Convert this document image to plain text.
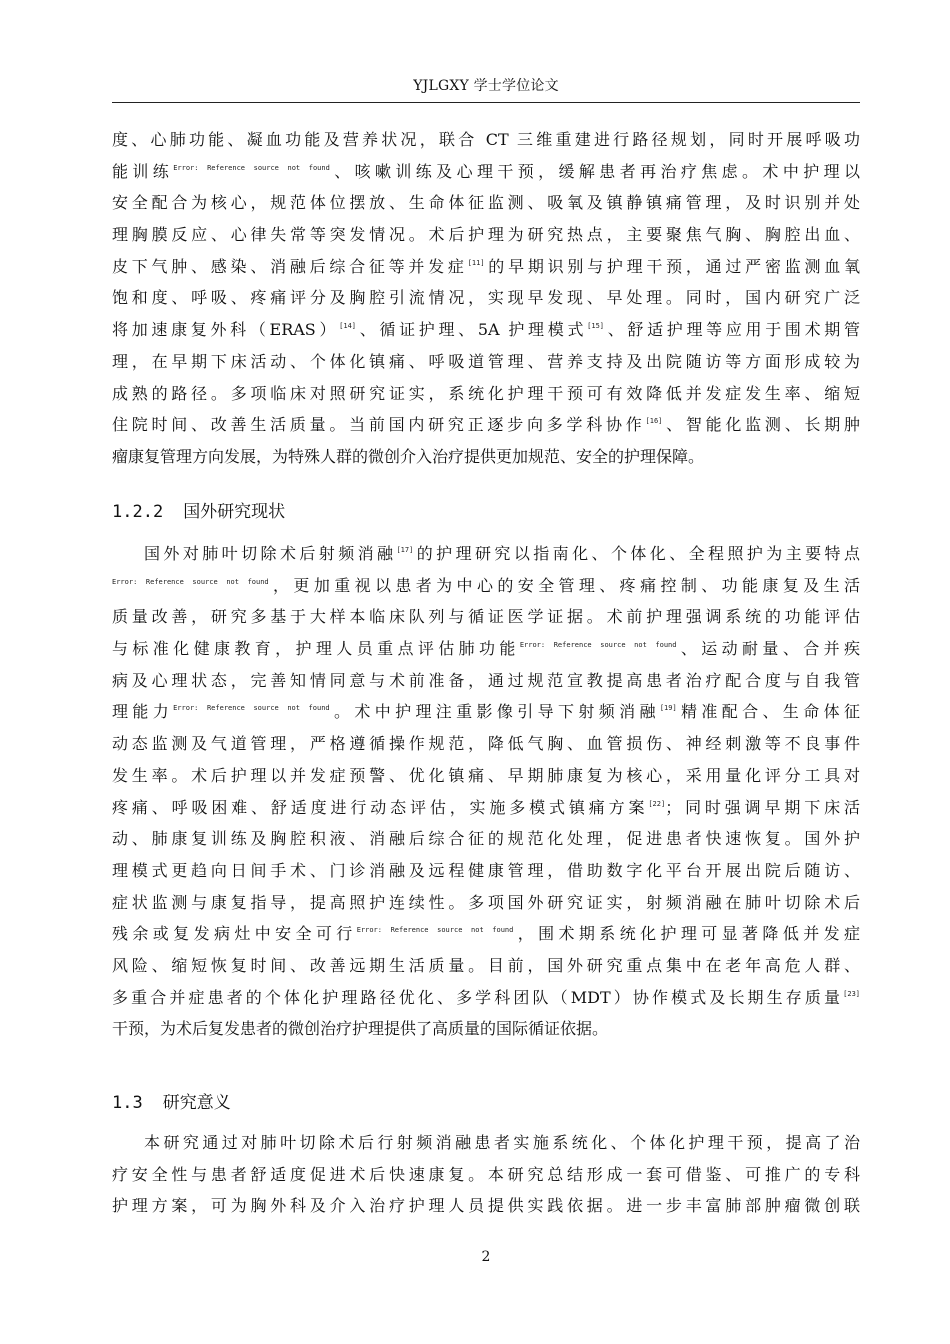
YJLGXY 学士学位论文
度、心肺功能、凝血功能及营养状况，联合 CT 三维重建进行路径规划，同时开展呼吸功
能训练$^{Error: Reference source not found}$、咳嗽训练及心理干预，缓解患者再治疗焦虑。术中护理以
安全配合为核心，规范体位摆放、生命体征监测、吸氧及镇静镇痛管理，及时识别并处
理胸膜反应、心律失常等突发情况。术后护理为研究热点，主要聚焦气胸、胸腔出血、
皮下气肿、感染、消融后综合征等并发症[11]的早期识别与护理干预，通过严密监测血氧
饱和度、呼吸、疼痛评分及胸腔引流情况，实现早发现、早处理。同时，国内研究广泛
将加速康复外科（ERAS）[14]、循证护理、5A 护理模式[15]、舒适护理等应用于围术期管
理，在早期下床活动、个体化镇痛、呼吸道管理、营养支持及出院随访等方面形成较为
成熟的路径。多项临床对照研究证实，系统化护理干预可有效降低并发症发生率、缩短
住院时间、改善生活质量。当前国内研究正逐步向多学科协作[16]、智能化监测、长期肿
瘤康复管理方向发展，为特殊人群的微创介入治疗提供更加规范、安全的护理保障。
1.2.2 国外研究现状
国外对肺叶切除术后射频消融[17]的护理研究以指南化、个体化、全程照护为主要特点
$^{Error: Reference source not found}$，更加重视以患者为中心的安全管理、疼痛控制、功能康复及生活
质量改善，研究多基于大样本临床队列与循证医学证据。术前护理强调系统的功能评估
与标准化健康教育，护理人员重点评估肺功能$^{Error: Reference source not found}$、运动耐量、合并疾
病及心理状态，完善知情同意与术前准备，通过规范宣教提高患者治疗配合度与自我管
理能力$^{Error: Reference source not found}$。术中护理注重影像引导下射频消融[19]精准配合、生命体征
动态监测及气道管理，严格遵循操作规范，降低气胸、血管损伤、神经刺激等不良事件
发生率。术后护理以并发症预警、优化镇痛、早期肺康复为核心，采用量化评分工具对
疼痛、呼吸困难、舒适度进行动态评估，实施多模式镇痛方案[22]；同时强调早期下床活
动、肺康复训练及胸腔积液、消融后综合征的规范化处理，促进患者快速恢复。国外护
理模式更趋向日间手术、门诊消融及远程健康管理，借助数字化平台开展出院后随访、
症状监测与康复指导，提高照护连续性。多项国外研究证实，射频消融在肺叶切除术后
残余或复发病灶中安全可行$^{Error: Reference source not found}$，围术期系统化护理可显著降低并发症
风险、缩短恢复时间、改善远期生活质量。目前，国外研究重点集中在老年高危人群、
多重合并症患者的个体化护理路径优化、多学科团队（MDT）协作模式及长期生存质量[23]
干预，为术后复发患者的微创治疗护理提供了高质量的国际循证依据。
1.3 研究意义
本研究通过对肺叶切除术后行射频消融患者实施系统化、个体化护理干预，提高了治
疗安全性与患者舒适度促进术后快速康复。本研究总结形成一套可借鉴、可推广的专科
护理方案，可为胸外科及介入治疗护理人员提供实践依据。进一步丰富肺部肿瘤微创联
2
